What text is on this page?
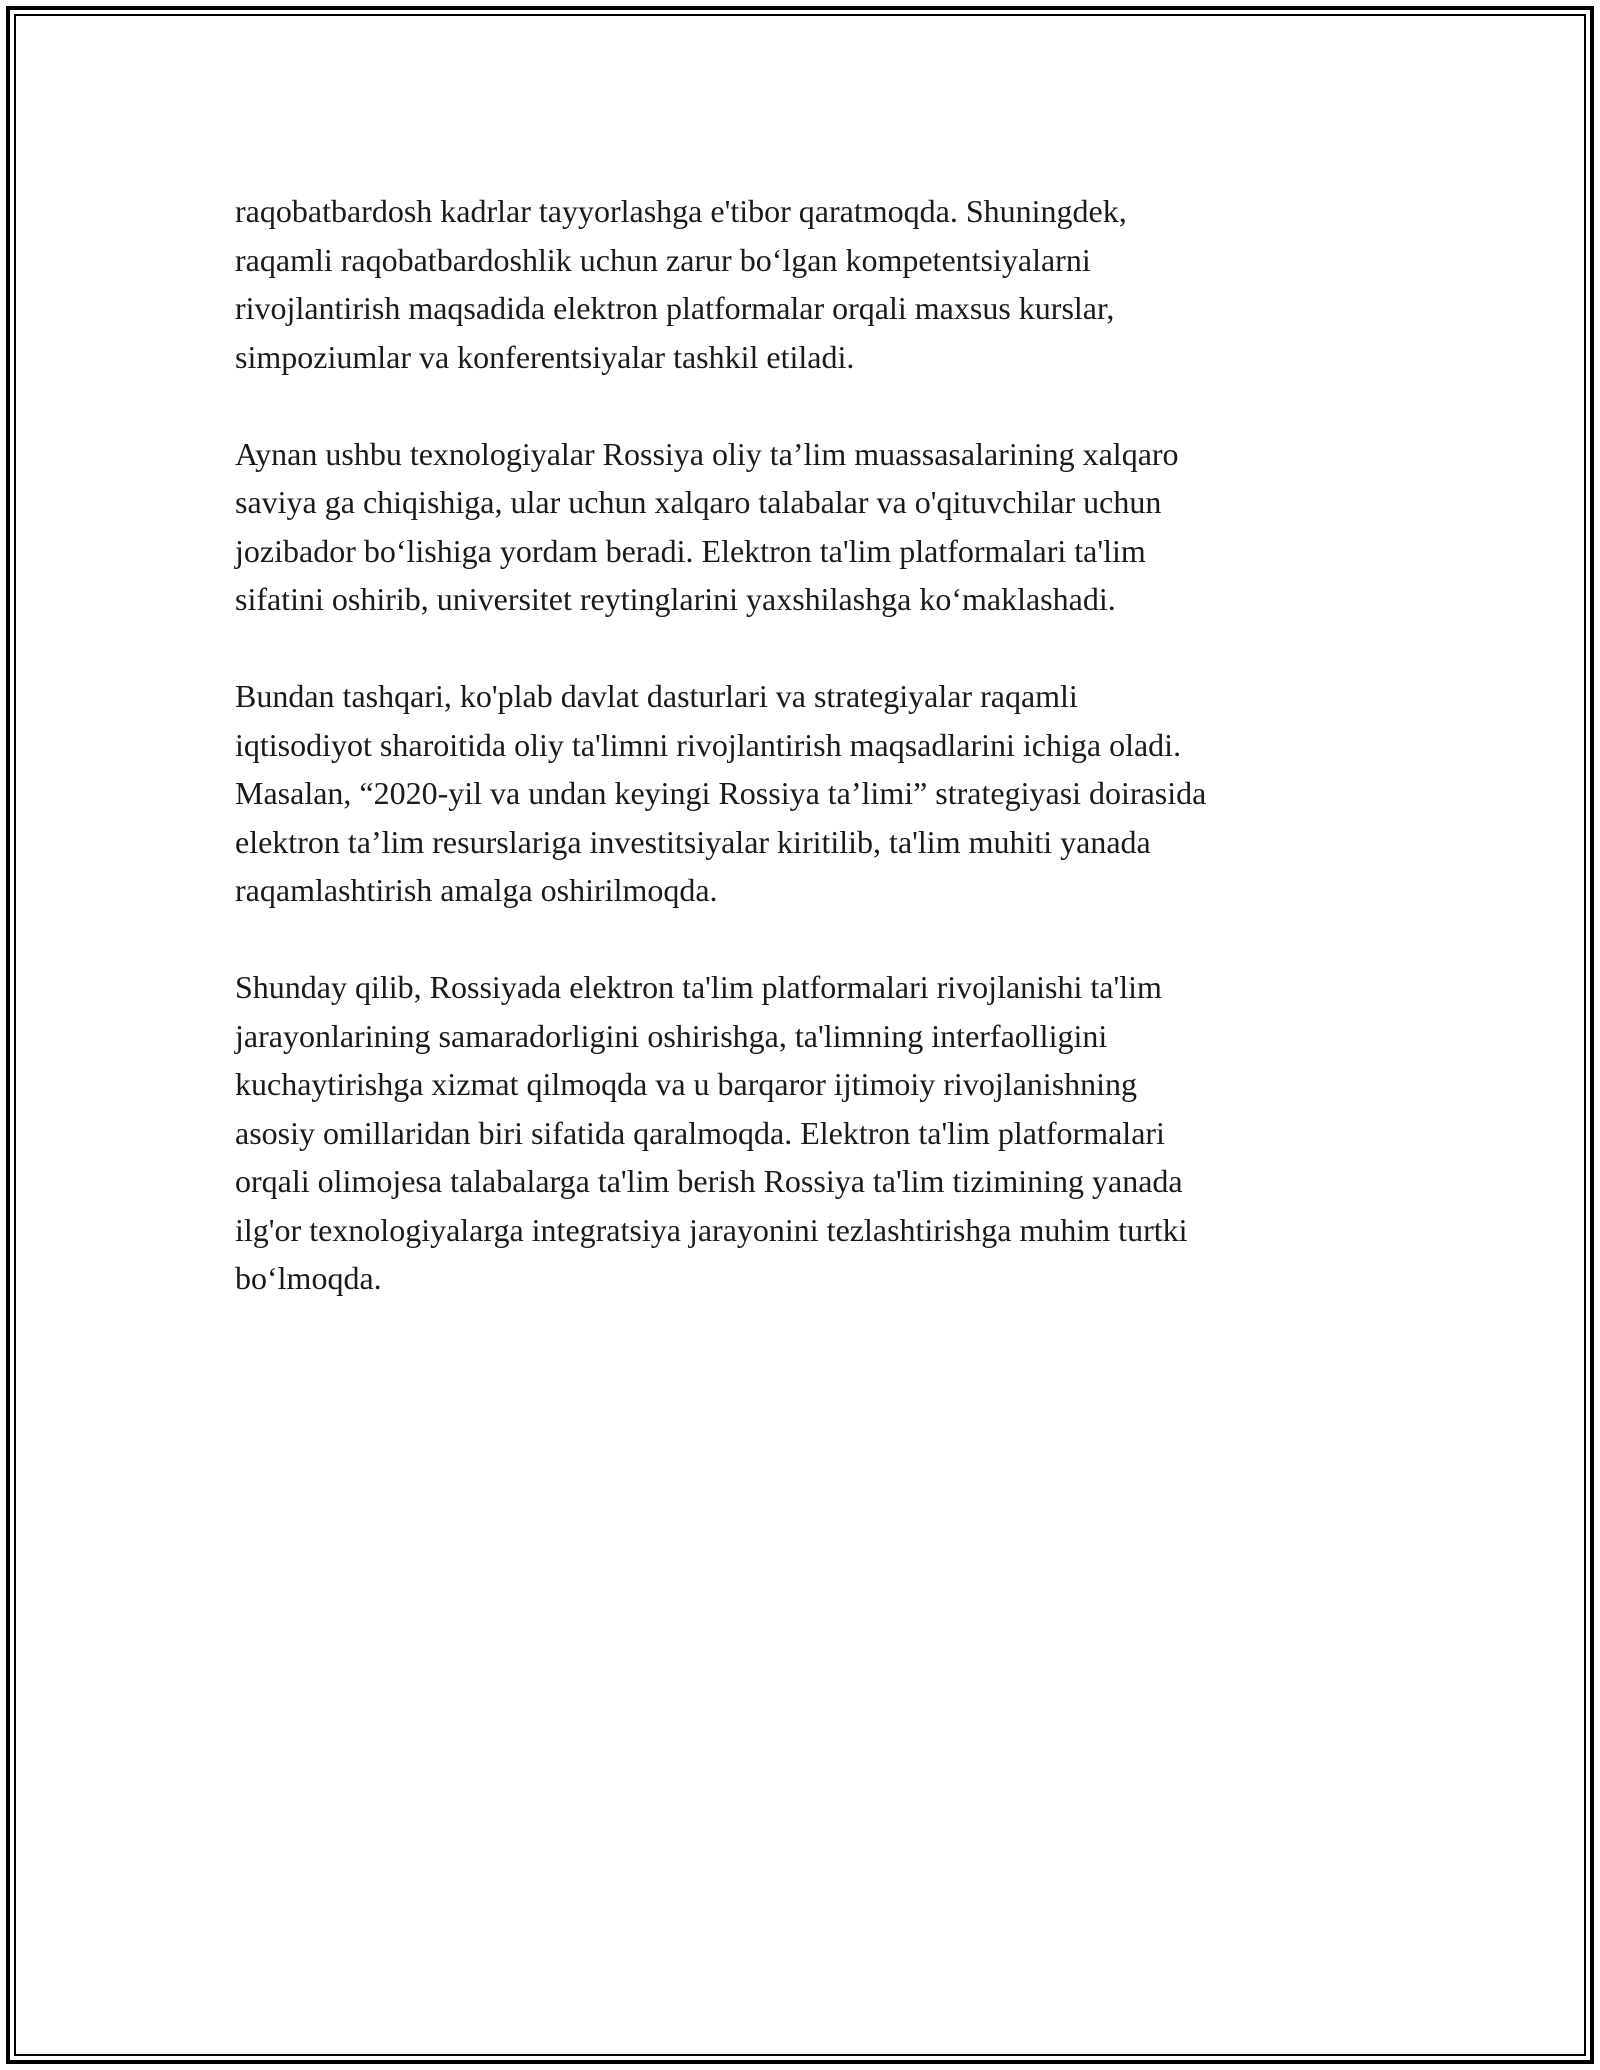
raqobatbardosh kadrlar tayyorlashga e'tibor qaratmoqda. Shuningdek,
raqamli raqobatbardoshlik uchun zarur bo‘lgan kompetentsiyalarni
rivojlantirish maqsadida elektron platformalar orqali maxsus kurslar,
simpoziumlar va konferentsiyalar tashkil etiladi.

Aynan ushbu texnologiyalar Rossiya oliy ta’lim muassasalarining xalqaro
saviya ga chiqishiga, ular uchun xalqaro talabalar va o'qituvchilar uchun
jozibador bo‘lishiga yordam beradi. Elektron ta'lim platformalari ta'lim
sifatini oshirib, universitet reytinglarini yaxshilashga ko‘maklashadi.

Bundan tashqari, ko'plab davlat dasturlari va strategiyalar raqamli
iqtisodiyot sharoitida oliy ta'limni rivojlantirish maqsadlarini ichiga oladi.
Masalan, “2020-yil va undan keyingi Rossiya ta’limi” strategiyasi doirasida
elektron ta’lim resurslariga investitsiyalar kiritilib, ta'lim muhiti yanada
raqamlashtirish amalga oshirilmoqda.

Shunday qilib, Rossiyada elektron ta'lim platformalari rivojlanishi ta'lim
jarayonlarining samaradorligini oshirishga, ta'limning interfaolligini
kuchaytirishga xizmat qilmoqda va u barqaror ijtimoiy rivojlanishning
asosiy omillaridan biri sifatida qaralmoqda. Elektron ta'lim platformalari
orqali olimojesa talabalarga ta'lim berish Rossiya ta'lim tizimining yanada
ilg'or texnologiyalarga integratsiya jarayonini tezlashtirishga muhim turtki
bo‘lmoqda.
